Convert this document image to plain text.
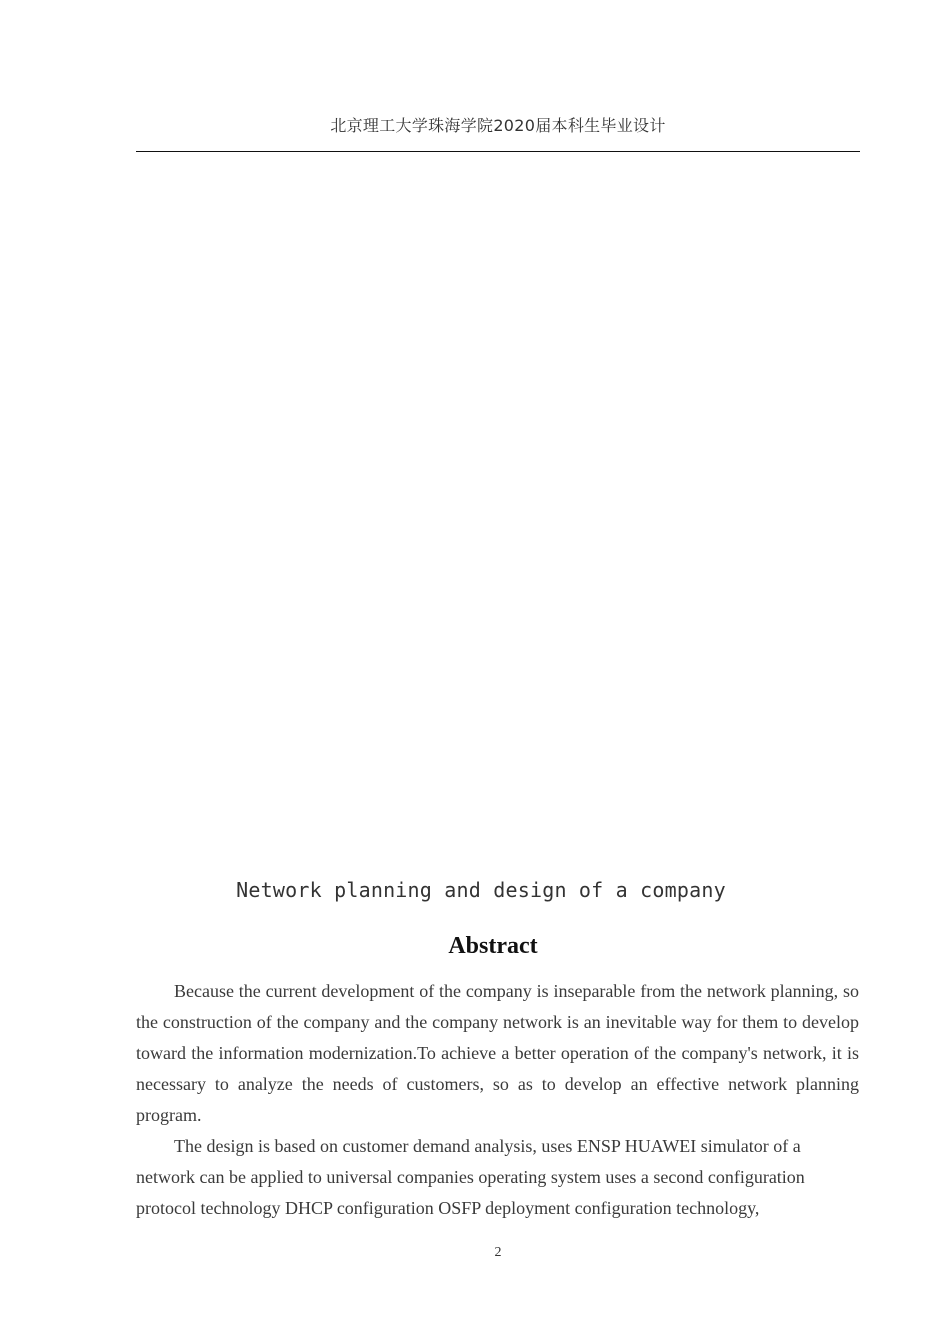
北京理工大学珠海学院2020届本科生毕业设计
Network planning and design of a company
Abstract

Because the current development of the company is inseparable from the network planning, so the construction of the company and the company network is an inevitable way for them to develop toward the information modernization.To achieve a better operation of the company's network, it is necessary to analyze the needs of customers, so as to develop an effective network planning program.

The design is based on customer demand analysis, uses ENSP HUAWEI simulator of a network can be applied to universal companies operating system uses a second configuration protocol technology DHCP configuration OSFP deployment configuration technology,

2
